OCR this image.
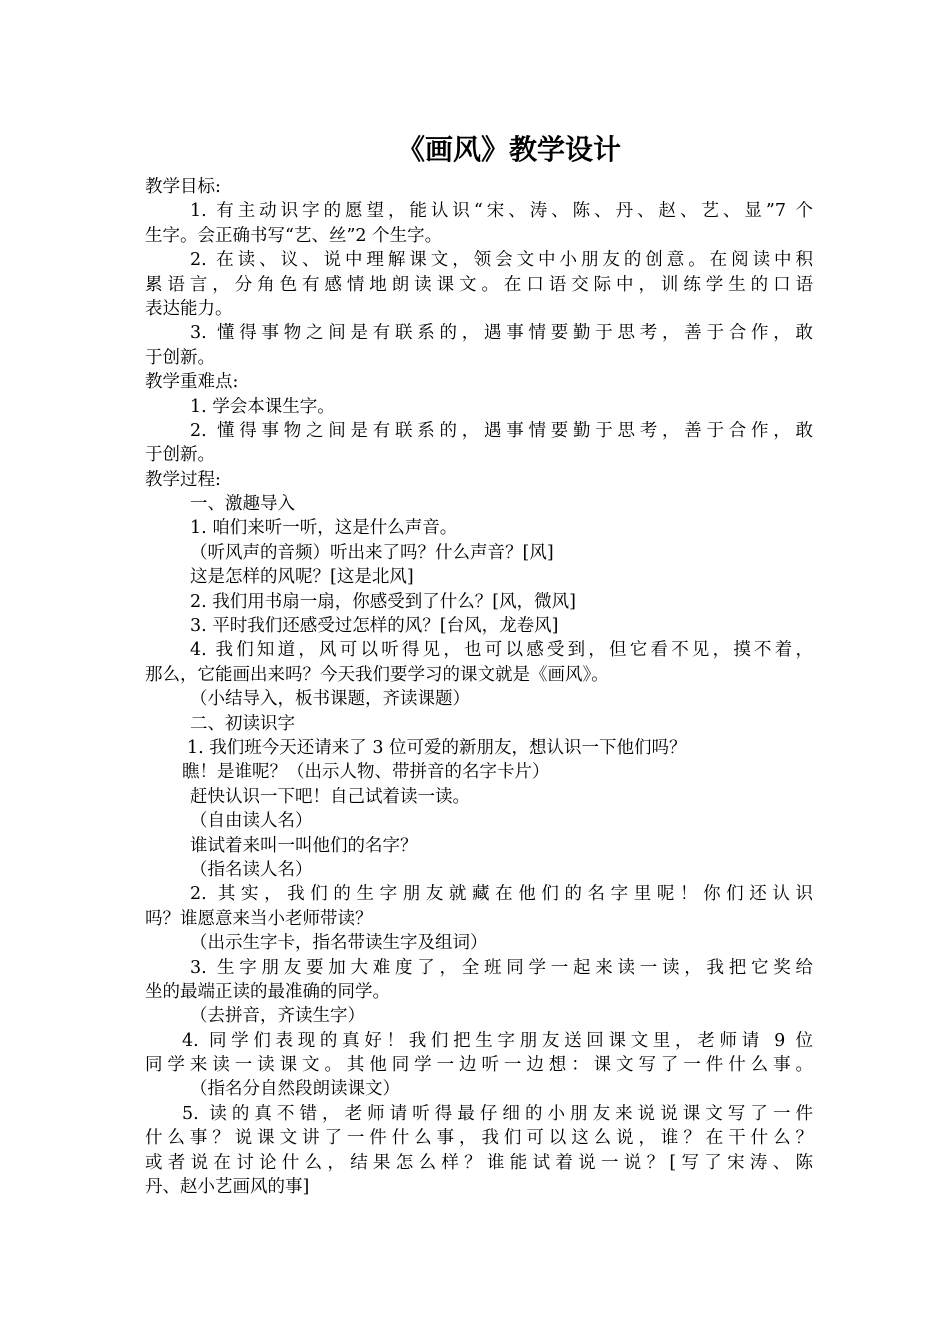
《画风》教学设计
教学目标:
1. 有主动识字的愿望，能认识“宋、涛、陈、丹、赵、艺、显”7 个
生字。会正确书写“艺、丝”2 个生字。
2. 在读、议、说中理解课文，领会文中小朋友的创意。在阅读中积
累语言，分角色有感情地朗读课文。在口语交际中，训练学生的口语
表达能力。
3. 懂得事物之间是有联系的，遇事情要勤于思考，善于合作，敢
于创新。
教学重难点:
1. 学会本课生字。
2. 懂得事物之间是有联系的，遇事情要勤于思考，善于合作，敢
于创新。
教学过程:
一、激趣导入
1. 咱们来听一听，这是什么声音。
（听风声的音频）听出来了吗？什么声音？[风]
这是怎样的风呢？[这是北风]
2. 我们用书扇一扇，你感受到了什么？[风，微风]
3. 平时我们还感受过怎样的风？[台风，龙卷风]
4. 我们知道，风可以听得见，也可以感受到，但它看不见，摸不着，
那么，它能画出来吗？今天我们要学习的课文就是《画风》。
（小结导入，板书课题，齐读课题）
二、初读识字
1. 我们班今天还请来了 3 位可爱的新朋友，想认识一下他们吗？
瞧！是谁呢？（出示人物、带拼音的名字卡片）
赶快认识一下吧！自己试着读一读。
（自由读人名）
谁试着来叫一叫他们的名字？
（指名读人名）
2. 其实，我们的生字朋友就藏在他们的名字里呢！你们还认识
吗？谁愿意来当小老师带读？
（出示生字卡，指名带读生字及组词）
3. 生字朋友要加大难度了，全班同学一起来读一读，我把它奖给
坐的最端正读的最准确的同学。
（去拼音，齐读生字）
4. 同学们表现的真好！我们把生字朋友送回课文里，老师请 9 位
同学来读一读课文。其他同学一边听一边想：课文写了一件什么事。
（指名分自然段朗读课文）
5. 读的真不错，老师请听得最仔细的小朋友来说说课文写了一件
什么事？说课文讲了一件什么事，我们可以这么说，谁？在干什么？
或者说在讨论什么，结果怎么样？谁能试着说一说？[写了宋涛、陈
丹、赵小艺画风的事]
